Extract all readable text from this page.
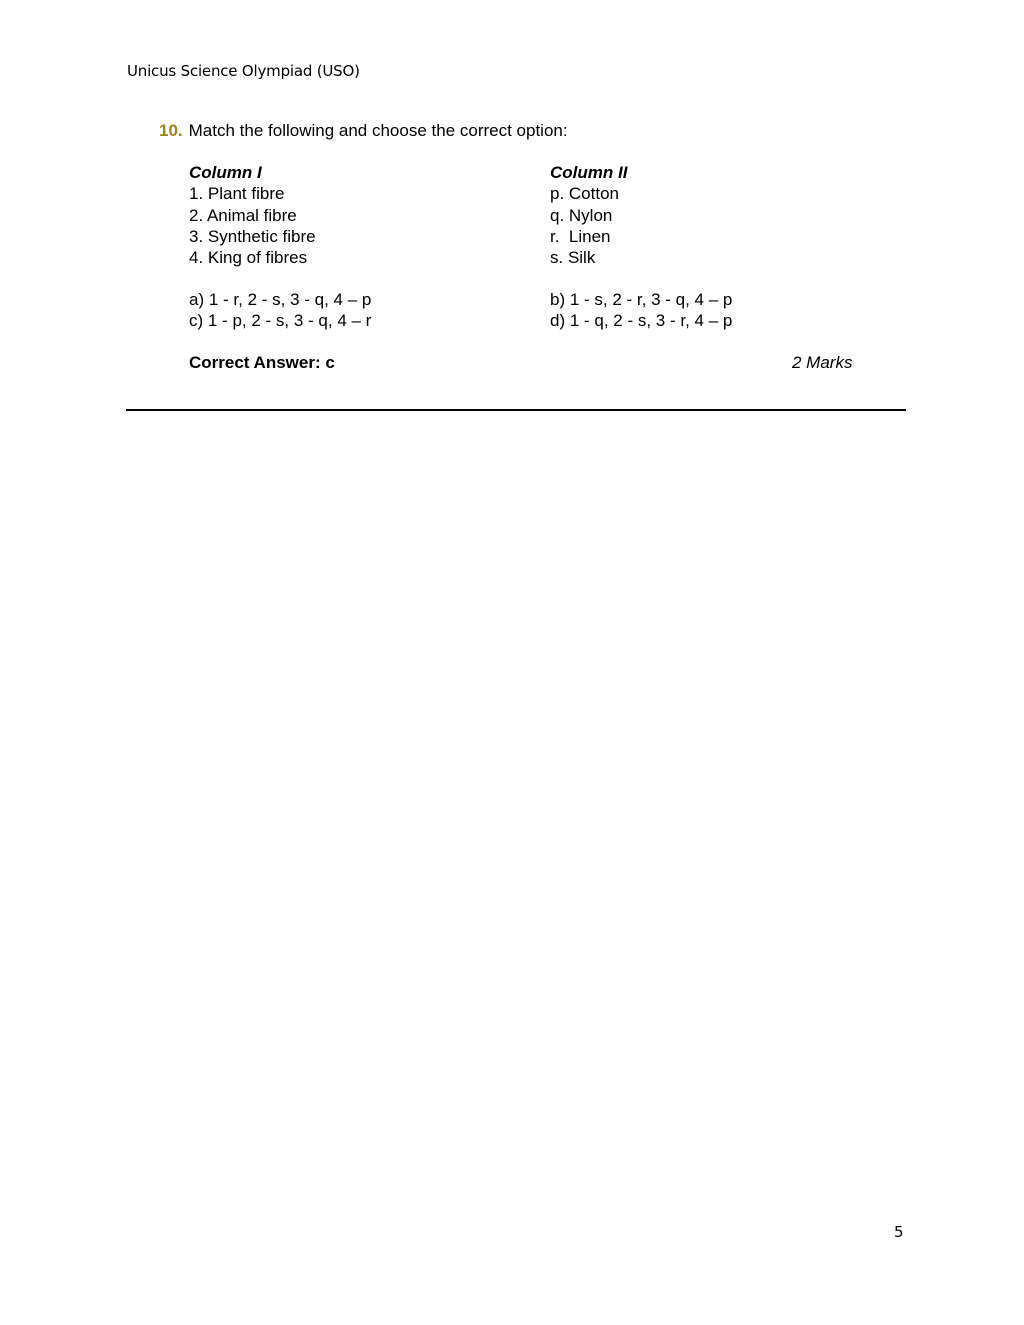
Unicus Science Olympiad (USO)
10. Match the following and choose the correct option:
Column I
1. Plant fibre
2. Animal fibre
3. Synthetic fibre
4. King of fibres
Column II
p. Cotton
q. Nylon
r.  Linen
s. Silk
a) 1 - r, 2 - s, 3 - q, 4 – p
c) 1 - p, 2 - s, 3 - q, 4 – r
b) 1 - s, 2 - r, 3 - q, 4 – p
d) 1 - q, 2 - s, 3 - r, 4 – p
Correct Answer: c	2 Marks
5
